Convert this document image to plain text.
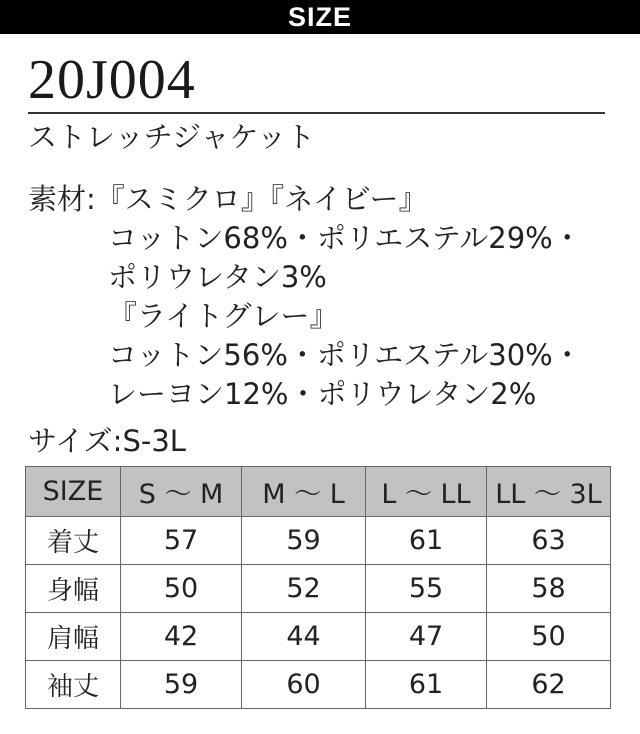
SIZE
20J004
ストレッチジャケット
素材:『スミクロ』『ネイビー』
コットン68%・ポリエステル29%・
ポリウレタン3%
『ライトグレー』
コットン56%・ポリエステル30%・
レーヨン12%・ポリウレタン2%
サイズ:S-3L
SIZE	S 〜 M	M 〜 L	L 〜 LL	LL 〜 3L
着丈	57	59	61	63
身幅	50	52	55	58
肩幅	42	44	47	50
袖丈	59	60	61	62
